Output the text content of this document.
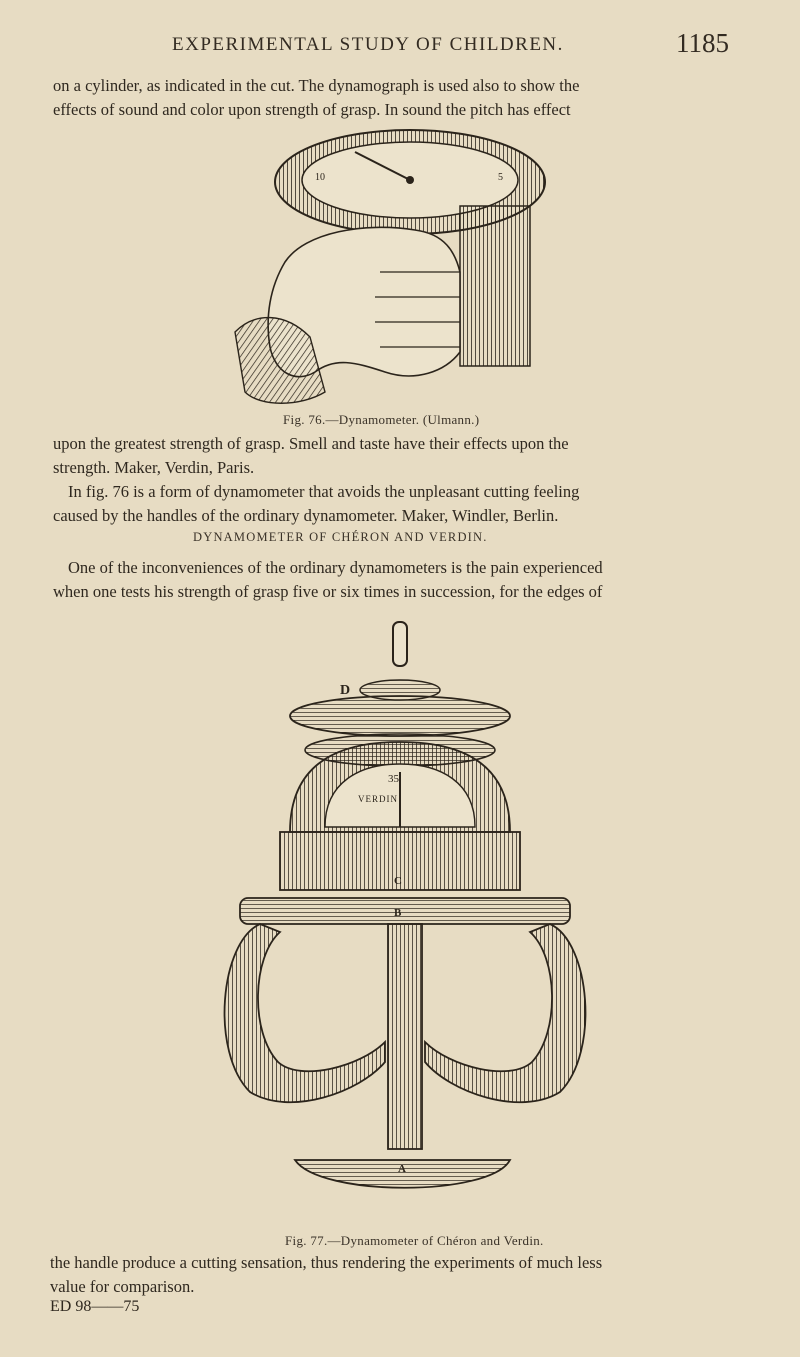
EXPERIMENTAL STUDY OF CHILDREN.	1185

on a cylinder, as indicated in the cut. The dynamograph is used also to show the
effects of sound and color upon strength of grasp. In sound the pitch has effect

10	5
Fig. 76.—Dynamometer. (Ulmann.)

upon the greatest strength of grasp. Smell and taste have their effects upon the
strength. Maker, Verdin, Paris.
In fig. 76 is a form of dynamometer that avoids the unpleasant cutting feeling
caused by the handles of the ordinary dynamometer. Maker, Windler, Berlin.

DYNAMOMETER OF CHÉRON AND VERDIN.

One of the inconveniences of the ordinary dynamometers is the pain experienced
when one tests his strength of grasp five or six times in succession, for the edges of

D
35
VERDIN
C
B
A
Fig. 77.—Dynamometer of Chéron and Verdin.

the handle produce a cutting sensation, thus rendering the experiments of much less
value for comparison.

ED 98——75
